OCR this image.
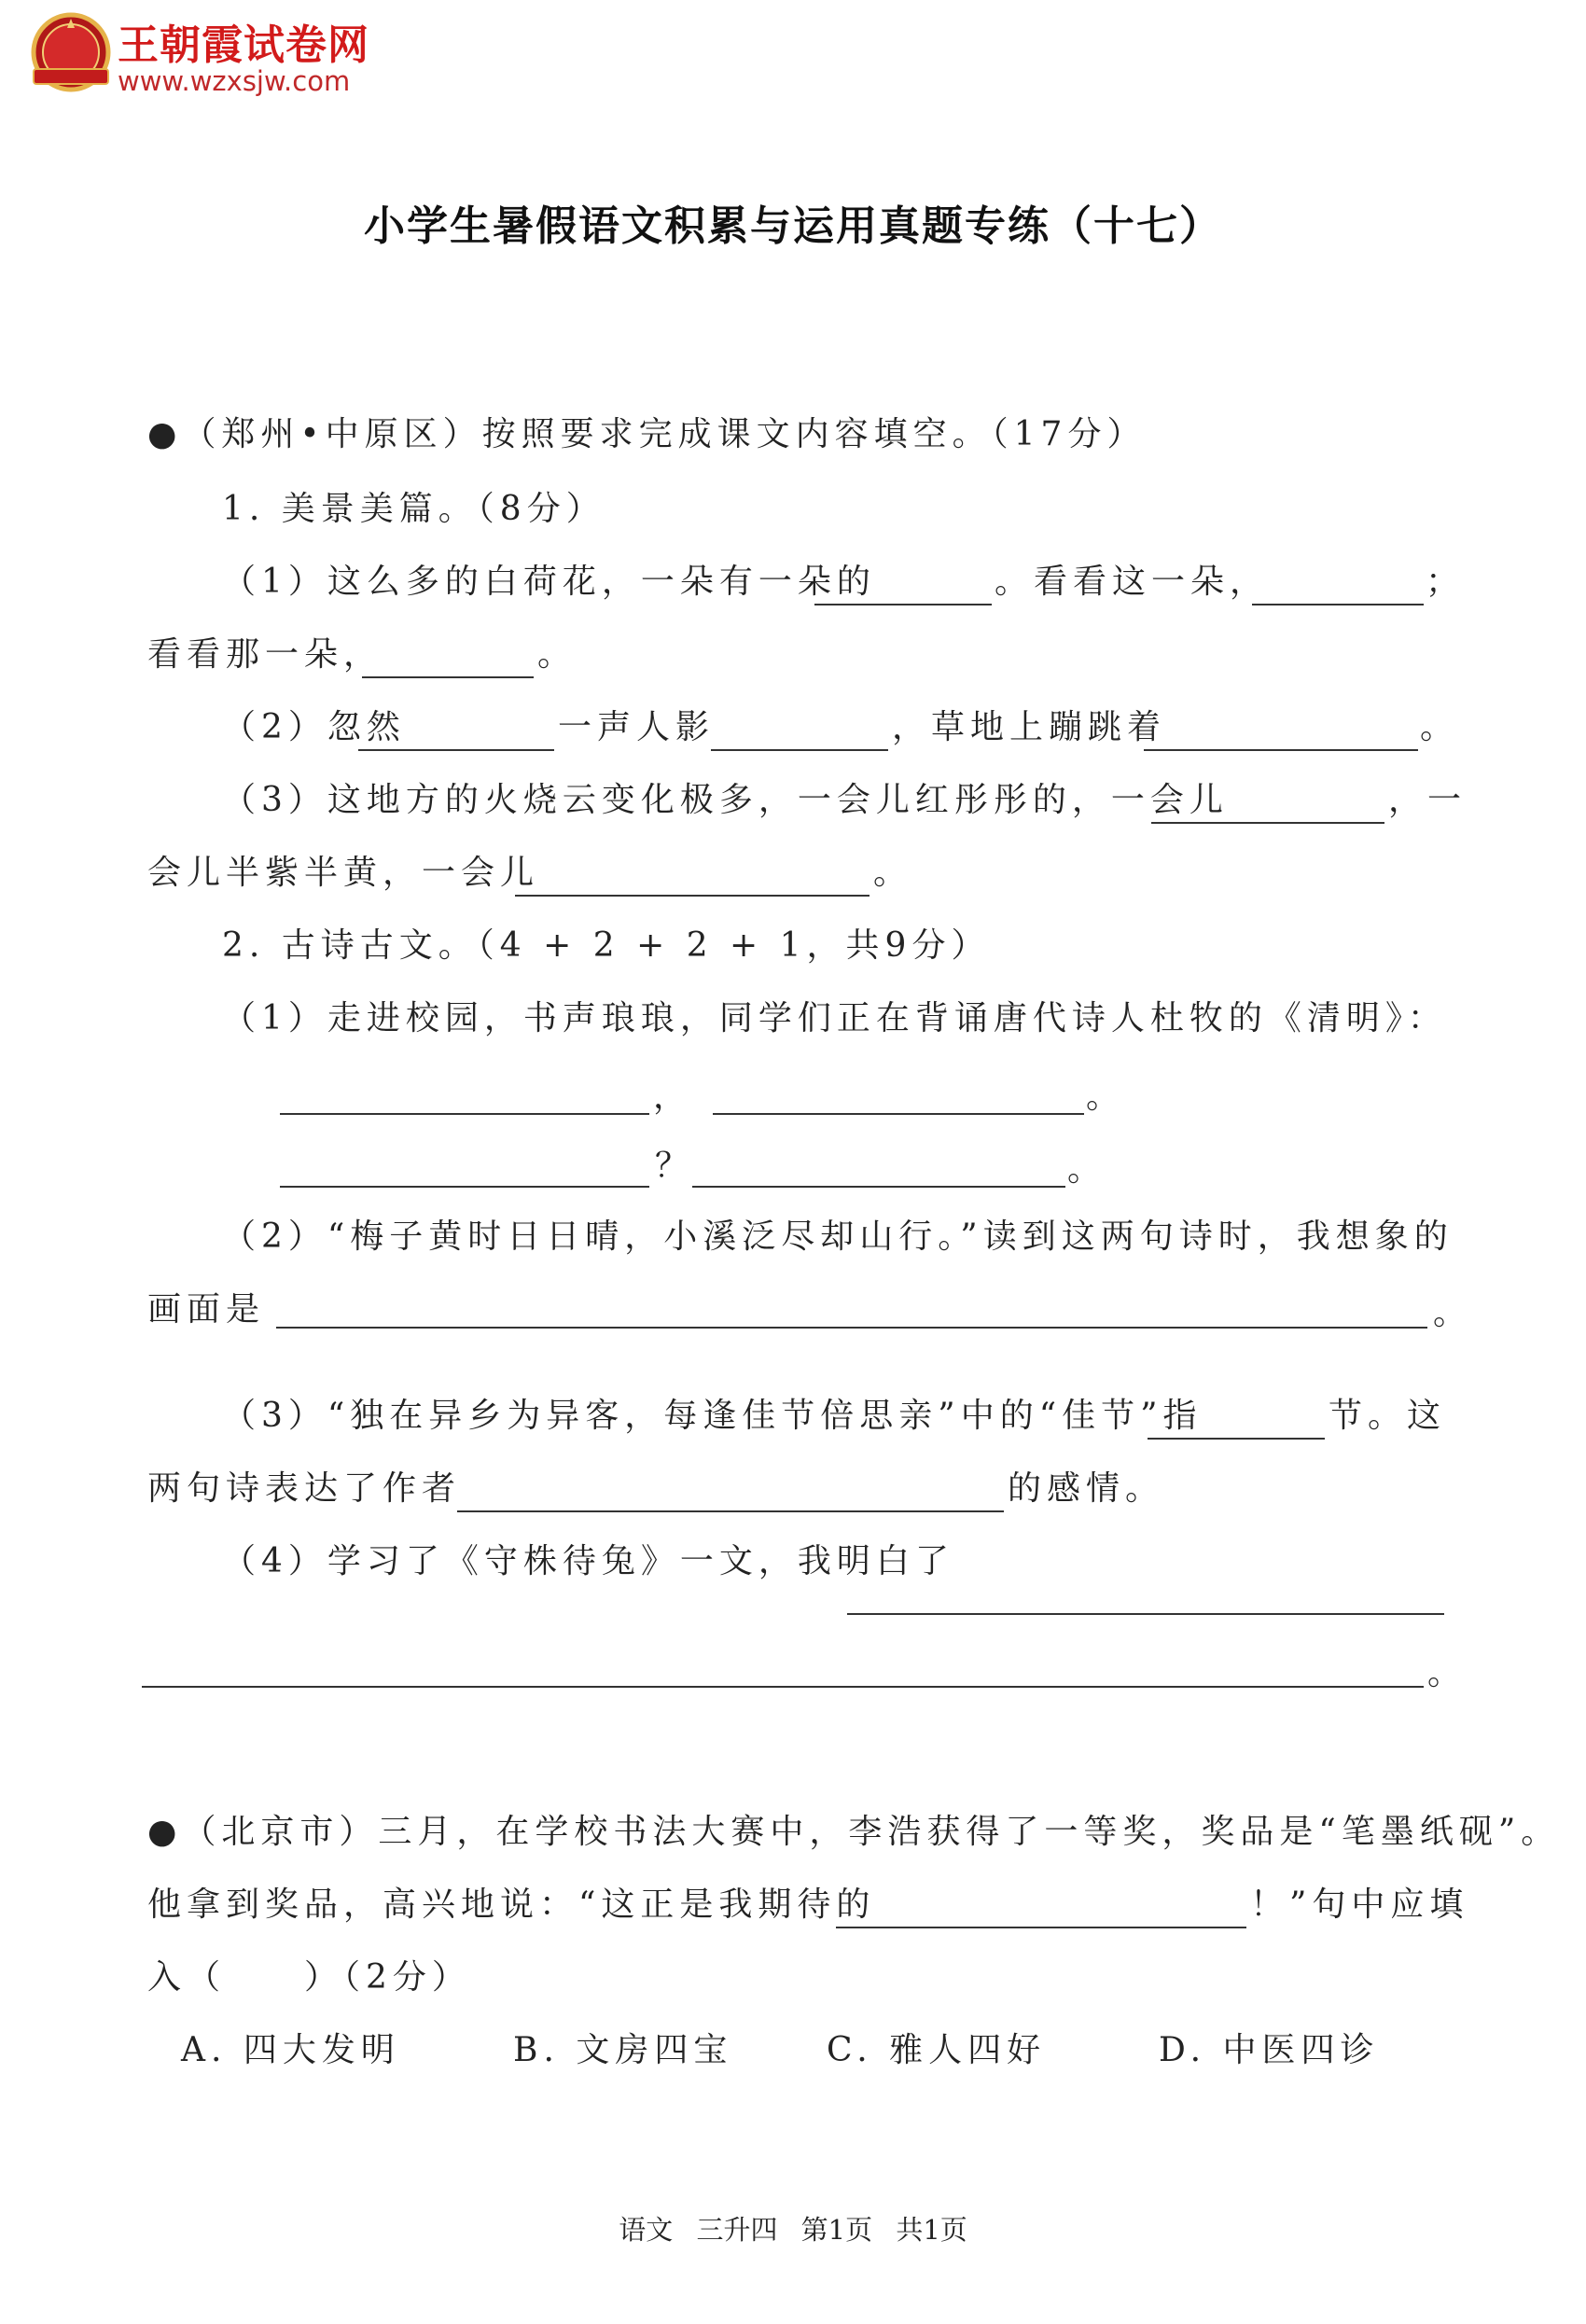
王朝霞试卷网
www.wzxsjw.com
小学生暑假语文积累与运用真题专练（十七）
●（郑州•中原区）按照要求完成课文内容填空。（17分）
1. 美景美篇。（8分）
（1）这么多的白荷花，一朵有一朵的	。看看这一朵，	；
看看那一朵，	。
（2）忽然	一声人影	，草地上蹦跳着	。
（3）这地方的火烧云变化极多，一会儿红彤彤的，一会儿	，一
会儿半紫半黄，一会儿	。
2. 古诗古文。（4 + 2 + 2 + 1，共9分）
（1）走进校园，书声琅琅，同学们正在背诵唐代诗人杜牧的《清明》：
，	。
？	。
（2）“梅子黄时日日晴，小溪泛尽却山行。”读到这两句诗时，我想象的
画面是	。
（3）“独在异乡为异客，每逢佳节倍思亲”中的“佳节”指	节。这
两句诗表达了作者	的感情。
（4）学习了《守株待兔》一文，我明白了
。
●（北京市）三月，在学校书法大赛中，李浩获得了一等奖，奖品是“笔墨纸砚”。
他拿到奖品，高兴地说：“这正是我期待的	！”句中应填
入（　　）（2分）
A. 四大发明	B. 文房四宝	C. 雅人四好	D. 中医四诊
语文 三升四 第1页 共1页
